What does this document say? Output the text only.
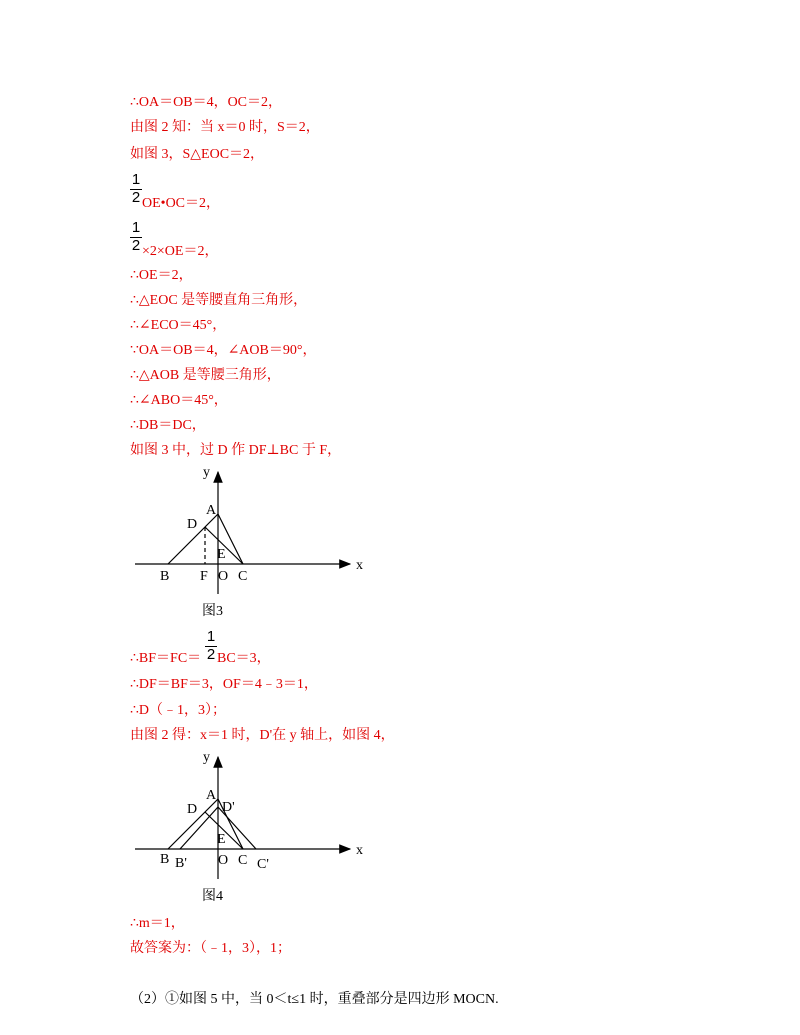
∴OA＝OB＝4，OC＝2，
由图 2 知：当 x＝0 时，S＝2，
如图 3，S△EOC＝2，
1
2 OE•OC＝2，
1
2 ×2×OE＝2，
∴OE＝2，
∴△EOC 是等腰直角三角形，
∴∠ECO＝45°，
∵OA＝OB＝4，∠AOB＝90°，
∴△AOB 是等腰三角形，
∴∠ABO＝45°，
∴DB＝DC，
如图 3 中，过 D 作 DF⊥BC 于 F，
y
x
A
D
E
B F O C
图3
1
2
∴BF＝FC＝ BC＝3，
∴DF＝BF＝3，OF＝4﹣3＝1，
∴D（﹣1，3）；
由图 2 得：x＝1 时，D'在 y 轴上，如图 4，
y
x
A
D D'
E
B B' O C C'
图4
∴m＝1，
故答案为：（﹣1，3），1；
（2）①如图 5 中，当 0＜t≤1 时，重叠部分是四边形 MOCN.
